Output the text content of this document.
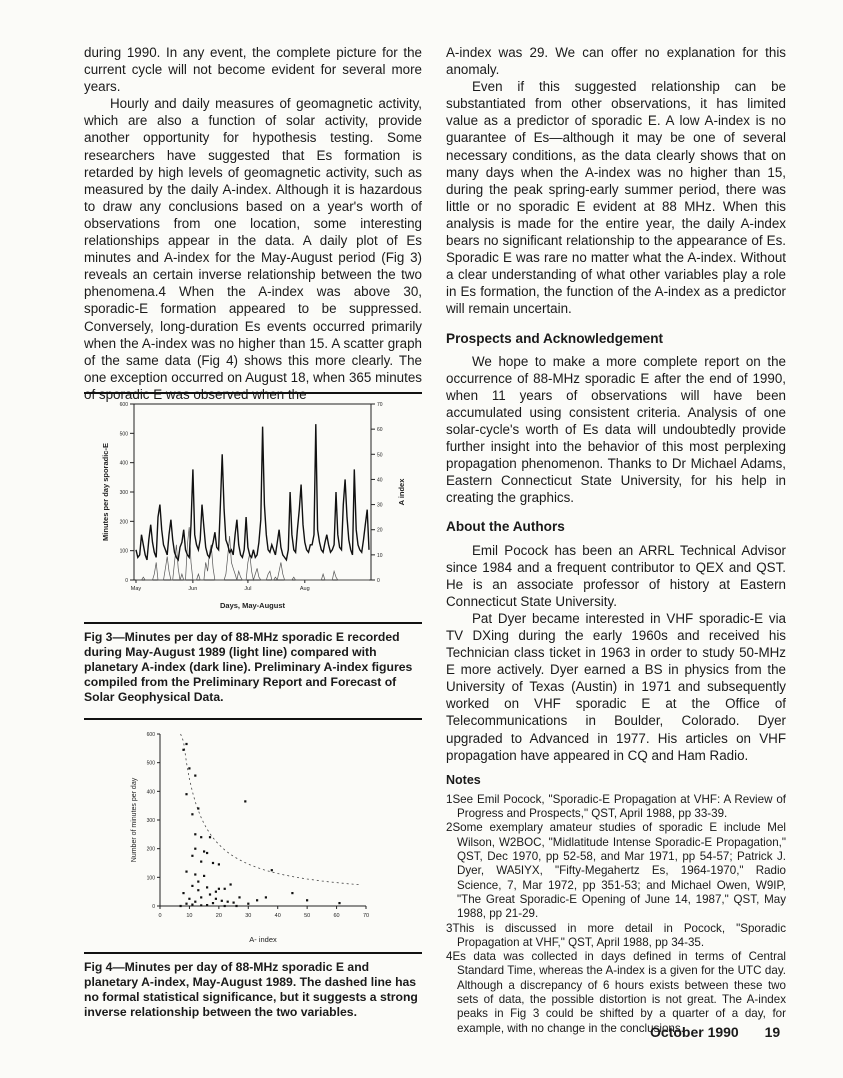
during 1990. In any event, the complete picture for the current cycle will not become evident for several more years.

Hourly and daily measures of geomagnetic activity, which are also a function of solar activity, provide another opportunity for hypothesis testing. Some researchers have suggested that Es formation is retarded by high levels of geomagnetic activity, such as measured by the daily A-index. Although it is hazardous to draw any conclusions based on a year's worth of observations from one location, some interesting relationships appear in the data. A daily plot of Es minutes and A-index for the May-August period (Fig 3) reveals an certain inverse relationship between the two phenomena.4 When the A-index was above 30, sporadic-E formation appeared to be suppressed. Conversely, long-duration Es events occurred primarily when the A-index was no higher than 15. A scatter graph of the same data (Fig 4) shows this more clearly. The one exception occurred on August 18, when 365 minutes of sporadic E was observed when the

0
100
200
300
400
500
600
0
10
20
30
40
50
60
70
May	Jun	Jul	Aug
Minutes per day sporadic-E	A index
Days, May-August
Fig 3—Minutes per day of 88-MHz sporadic E recorded during May-August 1989 (light line) compared with planetary A-index (dark line). Preliminary A-index figures compiled from the Preliminary Report and Forecast of Solar Geophysical Data.
0
100
200
300
400
500
600
0	10	20	30	40	50	60	70
Number of minutes per day
A- index
Fig 4—Minutes per day of 88-MHz sporadic E and planetary A-index, May-August 1989. The dashed line has no formal statistical significance, but it suggests a strong inverse relationship between the two variables.

A-index was 29. We can offer no explanation for this anomaly.

Even if this suggested relationship can be substantiated from other observations, it has limited value as a predictor of sporadic E. A low A-index is no guarantee of Es—although it may be one of several necessary conditions, as the data clearly shows that on many days when the A-index was no higher than 15, during the peak spring-early summer period, there was little or no sporadic E evident at 88 MHz. When this analysis is made for the entire year, the daily A-index bears no significant relationship to the appearance of Es. Sporadic E was rare no matter what the A-index. Without a clear understanding of what other variables play a role in Es formation, the function of the A-index as a predictor will remain uncertain.

Prospects and Acknowledgement

We hope to make a more complete report on the occurrence of 88-MHz sporadic E after the end of 1990, when 11 years of observations will have been accumulated using consistent criteria. Analysis of one solar-cycle's worth of Es data will undoubtedly provide further insight into the behavior of this most perplexing propagation phenomenon. Thanks to Dr Michael Adams, Eastern Connecticut State University, for his help in creating the graphics.

About the Authors

Emil Pocock has been an ARRL Technical Advisor since 1984 and a frequent contributor to QEX and QST. He is an associate professor of history at Eastern Connecticut State University.

Pat Dyer became interested in VHF sporadic-E via TV DXing during the early 1960s and received his Technician class ticket in 1963 in order to study 50-MHz E more actively. Dyer earned a BS in physics from the University of Texas (Austin) in 1971 and subsequently worked on VHF sporadic E at the Office of Telecommunications in Boulder, Colorado. Dyer upgraded to Advanced in 1977. His articles on VHF propagation have appeared in CQ and Ham Radio.

Notes

1See Emil Pocock, "Sporadic-E Propagation at VHF: A Review of Progress and Prospects," QST, April 1988, pp 33-39.

2Some exemplary amateur studies of sporadic E include Mel Wilson, W2BOC, "Midlatitude Intense Sporadic-E Propagation," QST, Dec 1970, pp 52-58, and Mar 1971, pp 54-57; Patrick J. Dyer, WA5IYX, "Fifty-Megahertz Es, 1964-1970," Radio Science, 7, Mar 1972, pp 351-53; and Michael Owen, W9IP, "The Great Sporadic-E Opening of June 14, 1987," QST, May 1988, pp 21-29.

3This is discussed in more detail in Pocock, "Sporadic Propagation at VHF," QST, April 1988, pp 34-35.

4Es data was collected in days defined in terms of Central Standard Time, whereas the A-index is a given for the UTC day. Although a discrepancy of 6 hours exists between these two sets of data, the possible distortion is not great. The A-index peaks in Fig 3 could be shifted by a quarter of a day, for example, with no change in the conclusions.

October 1990 19
